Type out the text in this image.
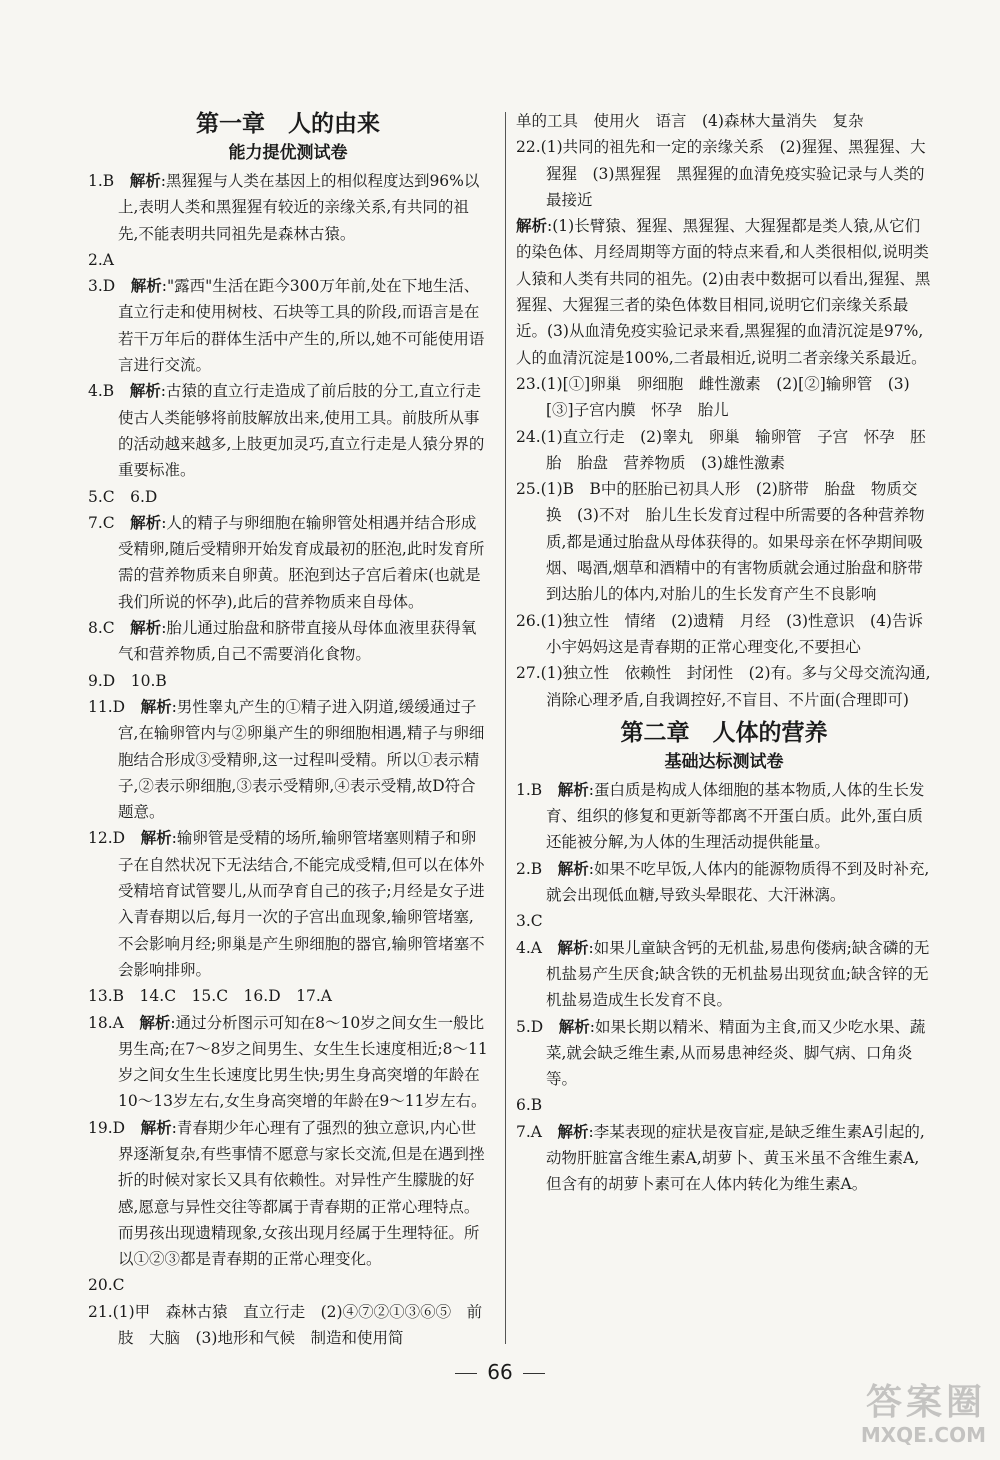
第一章　人的由来

能力提优测试卷

1.B　 解析:黑猩猩与人类在基因上的相似程度达到96%以上,表明人类和黑猩猩有较近的亲缘关系,有共同的祖先,不能表明共同祖先是森林古猿。

2.A

3.D　 解析:"露西"生活在距今300万年前,处在下地生活、直立行走和使用树枝、石块等工具的阶段,而语言是在若干万年后的群体生活中产生的,所以,她不可能使用语言进行交流。

4.B　 解析:古猿的直立行走造成了前后肢的分工,直立行走使古人类能够将前肢解放出来,使用工具。前肢所从事的活动越来越多,上肢更加灵巧,直立行走是人猿分界的重要标准。

5.C　6.D

7.C　 解析:人的精子与卵细胞在输卵管处相遇并结合形成受精卵,随后受精卵开始发育成最初的胚泡,此时发育所需的营养物质来自卵黄。胚泡到达子宫后着床(也就是我们所说的怀孕),此后的营养物质来自母体。

8.C　 解析:胎儿通过胎盘和脐带直接从母体血液里获得氧气和营养物质,自己不需要消化食物。

9.D　10.B

11.D　 解析:男性睾丸产生的①精子进入阴道,缓缓通过子宫,在输卵管内与②卵巢产生的卵细胞相遇,精子与卵细胞结合形成③受精卵,这一过程叫受精。所以①表示精子,②表示卵细胞,③表示受精卵,④表示受精,故D符合题意。

12.D　 解析:输卵管是受精的场所,输卵管堵塞则精子和卵子在自然状况下无法结合,不能完成受精,但可以在体外受精培育试管婴儿,从而孕育自己的孩子;月经是女子进入青春期以后,每月一次的子宫出血现象,输卵管堵塞,不会影响月经;卵巢是产生卵细胞的器官,输卵管堵塞不会影响排卵。

13.B　14.C　15.C　16.D　17.A

18.A　 解析:通过分析图示可知在8～10岁之间女生一般比男生高;在7～8岁之间男生、女生生长速度相近;8～11岁之间女生生长速度比男生快;男生身高突增的年龄在10～13岁左右,女生身高突增的年龄在9～11岁左右。

19.D　 解析:青春期少年心理有了强烈的独立意识,内心世界逐渐复杂,有些事情不愿意与家长交流,但是在遇到挫折的时候对家长又具有依赖性。对异性产生朦胧的好感,愿意与异性交往等都属于青春期的正常心理特点。而男孩出现遗精现象,女孩出现月经属于生理特征。所以①②③都是青春期的正常心理变化。

20.C

21.(1)甲　森林古猿　直立行走　(2)④⑦②①③⑥⑤　前肢　大脑　(3)地形和气候　制造和使用简

单的工具　使用火　语言　(4)森林大量消失　复杂

22.(1)共同的祖先和一定的亲缘关系　(2)猩猩、黑猩猩、大猩猩　(3)黑猩猩　黑猩猩的血清免疫实验记录与人类的最接近

解析:(1)长臂猿、猩猩、黑猩猩、大猩猩都是类人猿,从它们的染色体、月经周期等方面的特点来看,和人类很相似,说明类人猿和人类有共同的祖先。(2)由表中数据可以看出,猩猩、黑猩猩、大猩猩三者的染色体数目相同,说明它们亲缘关系最近。(3)从血清免疫实验记录来看,黑猩猩的血清沉淀是97%,人的血清沉淀是100%,二者最相近,说明二者亲缘关系最近。

23.(1)[①]卵巢　卵细胞　雌性激素　(2)[②]输卵管　(3)[③]子宫内膜　怀孕　胎儿

24.(1)直立行走　(2)睾丸　卵巢　输卵管　子宫　怀孕　胚胎　胎盘　营养物质　(3)雄性激素

25.(1)B　B中的胚胎已初具人形　(2)脐带　胎盘　物质交换　(3)不对　胎儿生长发育过程中所需要的各种营养物质,都是通过胎盘从母体获得的。如果母亲在怀孕期间吸烟、喝酒,烟草和酒精中的有害物质就会通过胎盘和脐带到达胎儿的体内,对胎儿的生长发育产生不良影响

26.(1)独立性　情绪　(2)遗精　月经　(3)性意识　(4)告诉小宇妈妈这是青春期的正常心理变化,不要担心

27.(1)独立性　依赖性　封闭性　(2)有。多与父母交流沟通,消除心理矛盾,自我调控好,不盲目、不片面(合理即可)

第二章　人体的营养

基础达标测试卷

1.B　 解析:蛋白质是构成人体细胞的基本物质,人体的生长发育、组织的修复和更新等都离不开蛋白质。此外,蛋白质还能被分解,为人体的生理活动提供能量。

2.B　 解析:如果不吃早饭,人体内的能源物质得不到及时补充,就会出现低血糖,导致头晕眼花、大汗淋漓。

3.C

4.A　 解析:如果儿童缺含钙的无机盐,易患佝偻病;缺含磷的无机盐易产生厌食;缺含铁的无机盐易出现贫血;缺含锌的无机盐易造成生长发育不良。

5.D　 解析:如果长期以精米、精面为主食,而又少吃水果、蔬菜,就会缺乏维生素,从而易患神经炎、脚气病、口角炎等。

6.B

7.A　 解析:李某表现的症状是夜盲症,是缺乏维生素A引起的,动物肝脏富含维生素A,胡萝卜、黄玉米虽不含维生素A,但含有的胡萝卜素可在人体内转化为维生素A。

66
答案圈
MXQE.COM
